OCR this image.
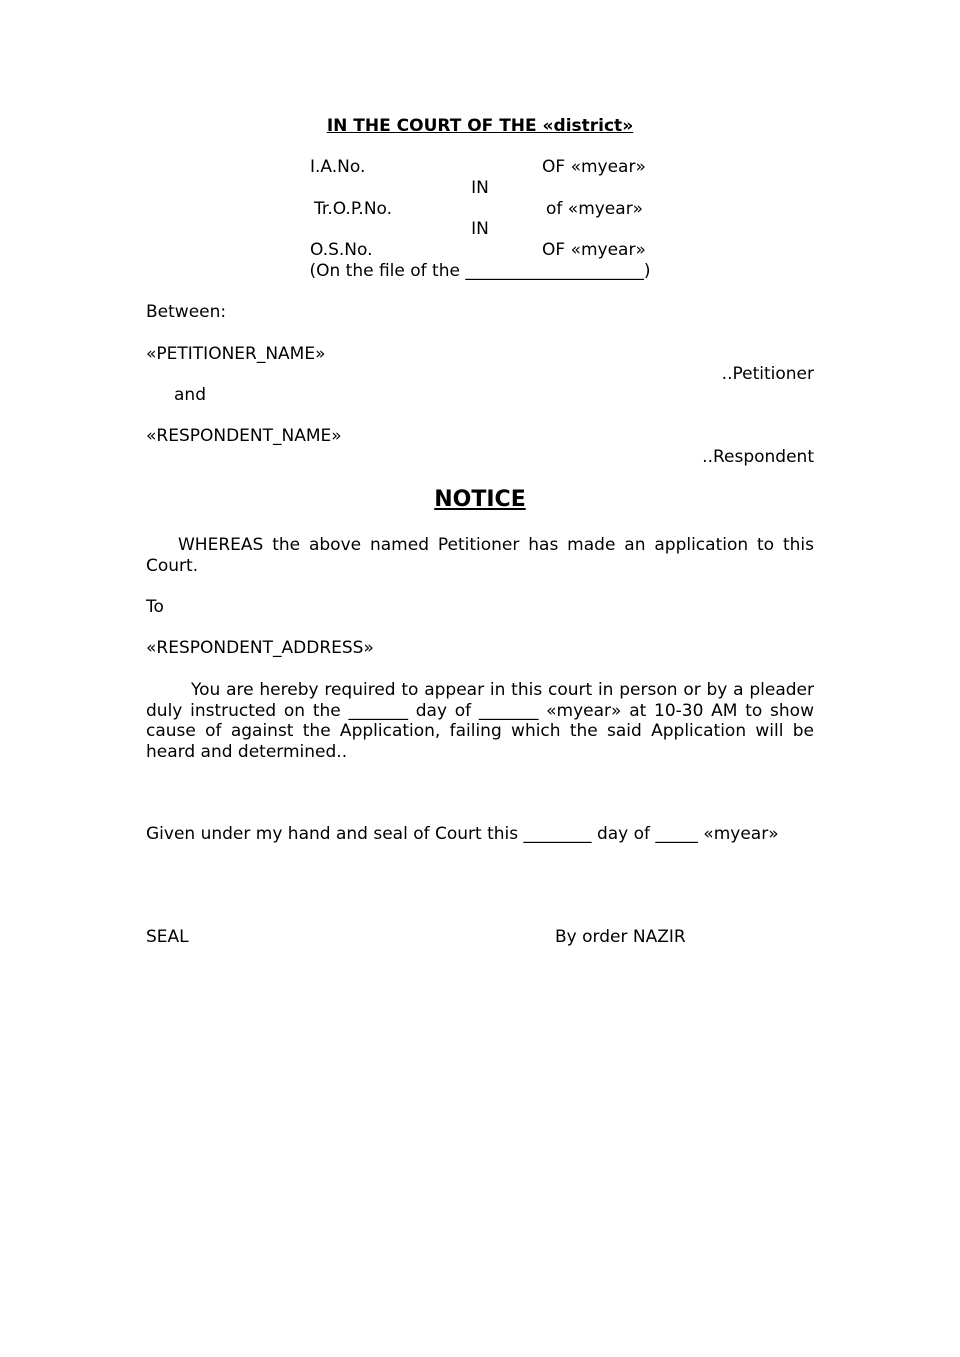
IN THE COURT OF THE «district»
I.A.No.	OF «myear»
IN
Tr.O.P.No.	of «myear»
IN
O.S.No.	OF «myear»
(On the file of the _____________________)
Between:
«PETITIONER_NAME»
..Petitioner
and
«RESPONDENT_NAME»
..Respondent
NOTICE
WHEREAS the above named Petitioner has made an application to this Court.
To
«RESPONDENT_ADDRESS»
You are hereby required to appear in this court in person or by a pleader duly instructed on the _______ day of _______ «myear» at 10-30 AM to show cause of against the Application, failing which the said Application will be heard and determined..
Given under my hand and seal of Court this ________ day of _____ «myear»
SEAL	By order NAZIR
